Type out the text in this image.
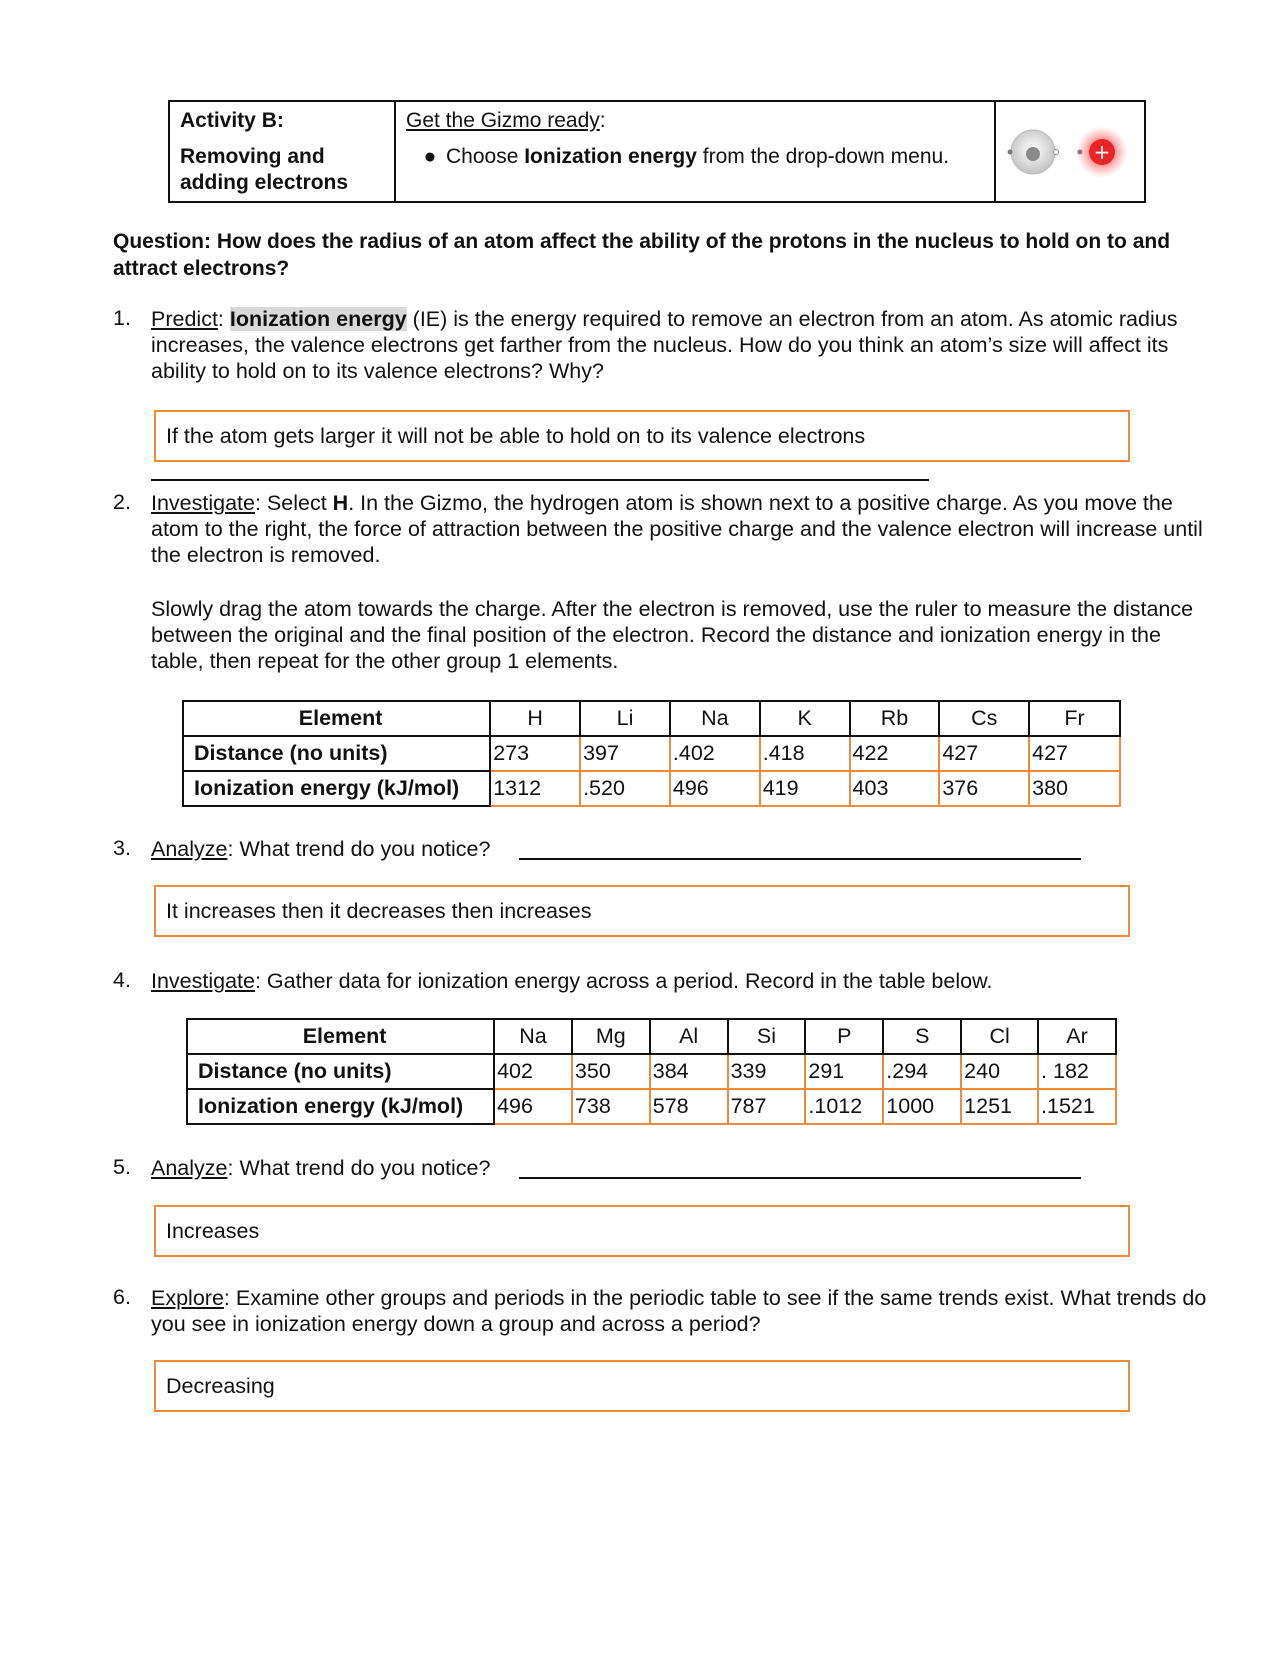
Activity B:
Removing and adding electrons
Get the Gizmo ready:
● Choose Ionization energy from the drop-down menu.	+
Question: How does the radius of an atom affect the ability of the protons in the nucleus to hold on to and attract electrons?
1. Predict: Ionization energy (IE) is the energy required to remove an electron from an atom. As atomic radius increases, the valence electrons get farther from the nucleus. How do you think an atom’s size will affect its ability to hold on to its valence electrons? Why?
If the atom gets larger it will not be able to hold on to its valence electrons
2. Investigate: Select H. In the Gizmo, the hydrogen atom is shown next to a positive charge. As you move the atom to the right, the force of attraction between the positive charge and the valence electron will increase until the electron is removed.
Slowly drag the atom towards the charge. After the electron is removed, use the ruler to measure the distance between the original and the final position of the electron. Record the distance and ionization energy in the table, then repeat for the other group 1 elements.
Element	H	Li	Na	K	Rb	Cs	Fr
Distance (no units)	273	397	.402	.418	422	427	427
Ionization energy (kJ/mol)	1312	.520	496	419	403	376	380
3. Analyze: What trend do you notice?
It increases then it decreases then increases
4. Investigate: Gather data for ionization energy across a period. Record in the table below.
Element	Na	Mg	Al	Si	P	S	Cl	Ar
Distance (no units)	402	350	384	339	291	.294	240	. 182
Ionization energy (kJ/mol)	496	738	578	787	.1012	1000	1251	.1521
5. Analyze: What trend do you notice?
Increases
6. Explore: Examine other groups and periods in the periodic table to see if the same trends exist. What trends do you see in ionization energy down a group and across a period?
Decreasing
